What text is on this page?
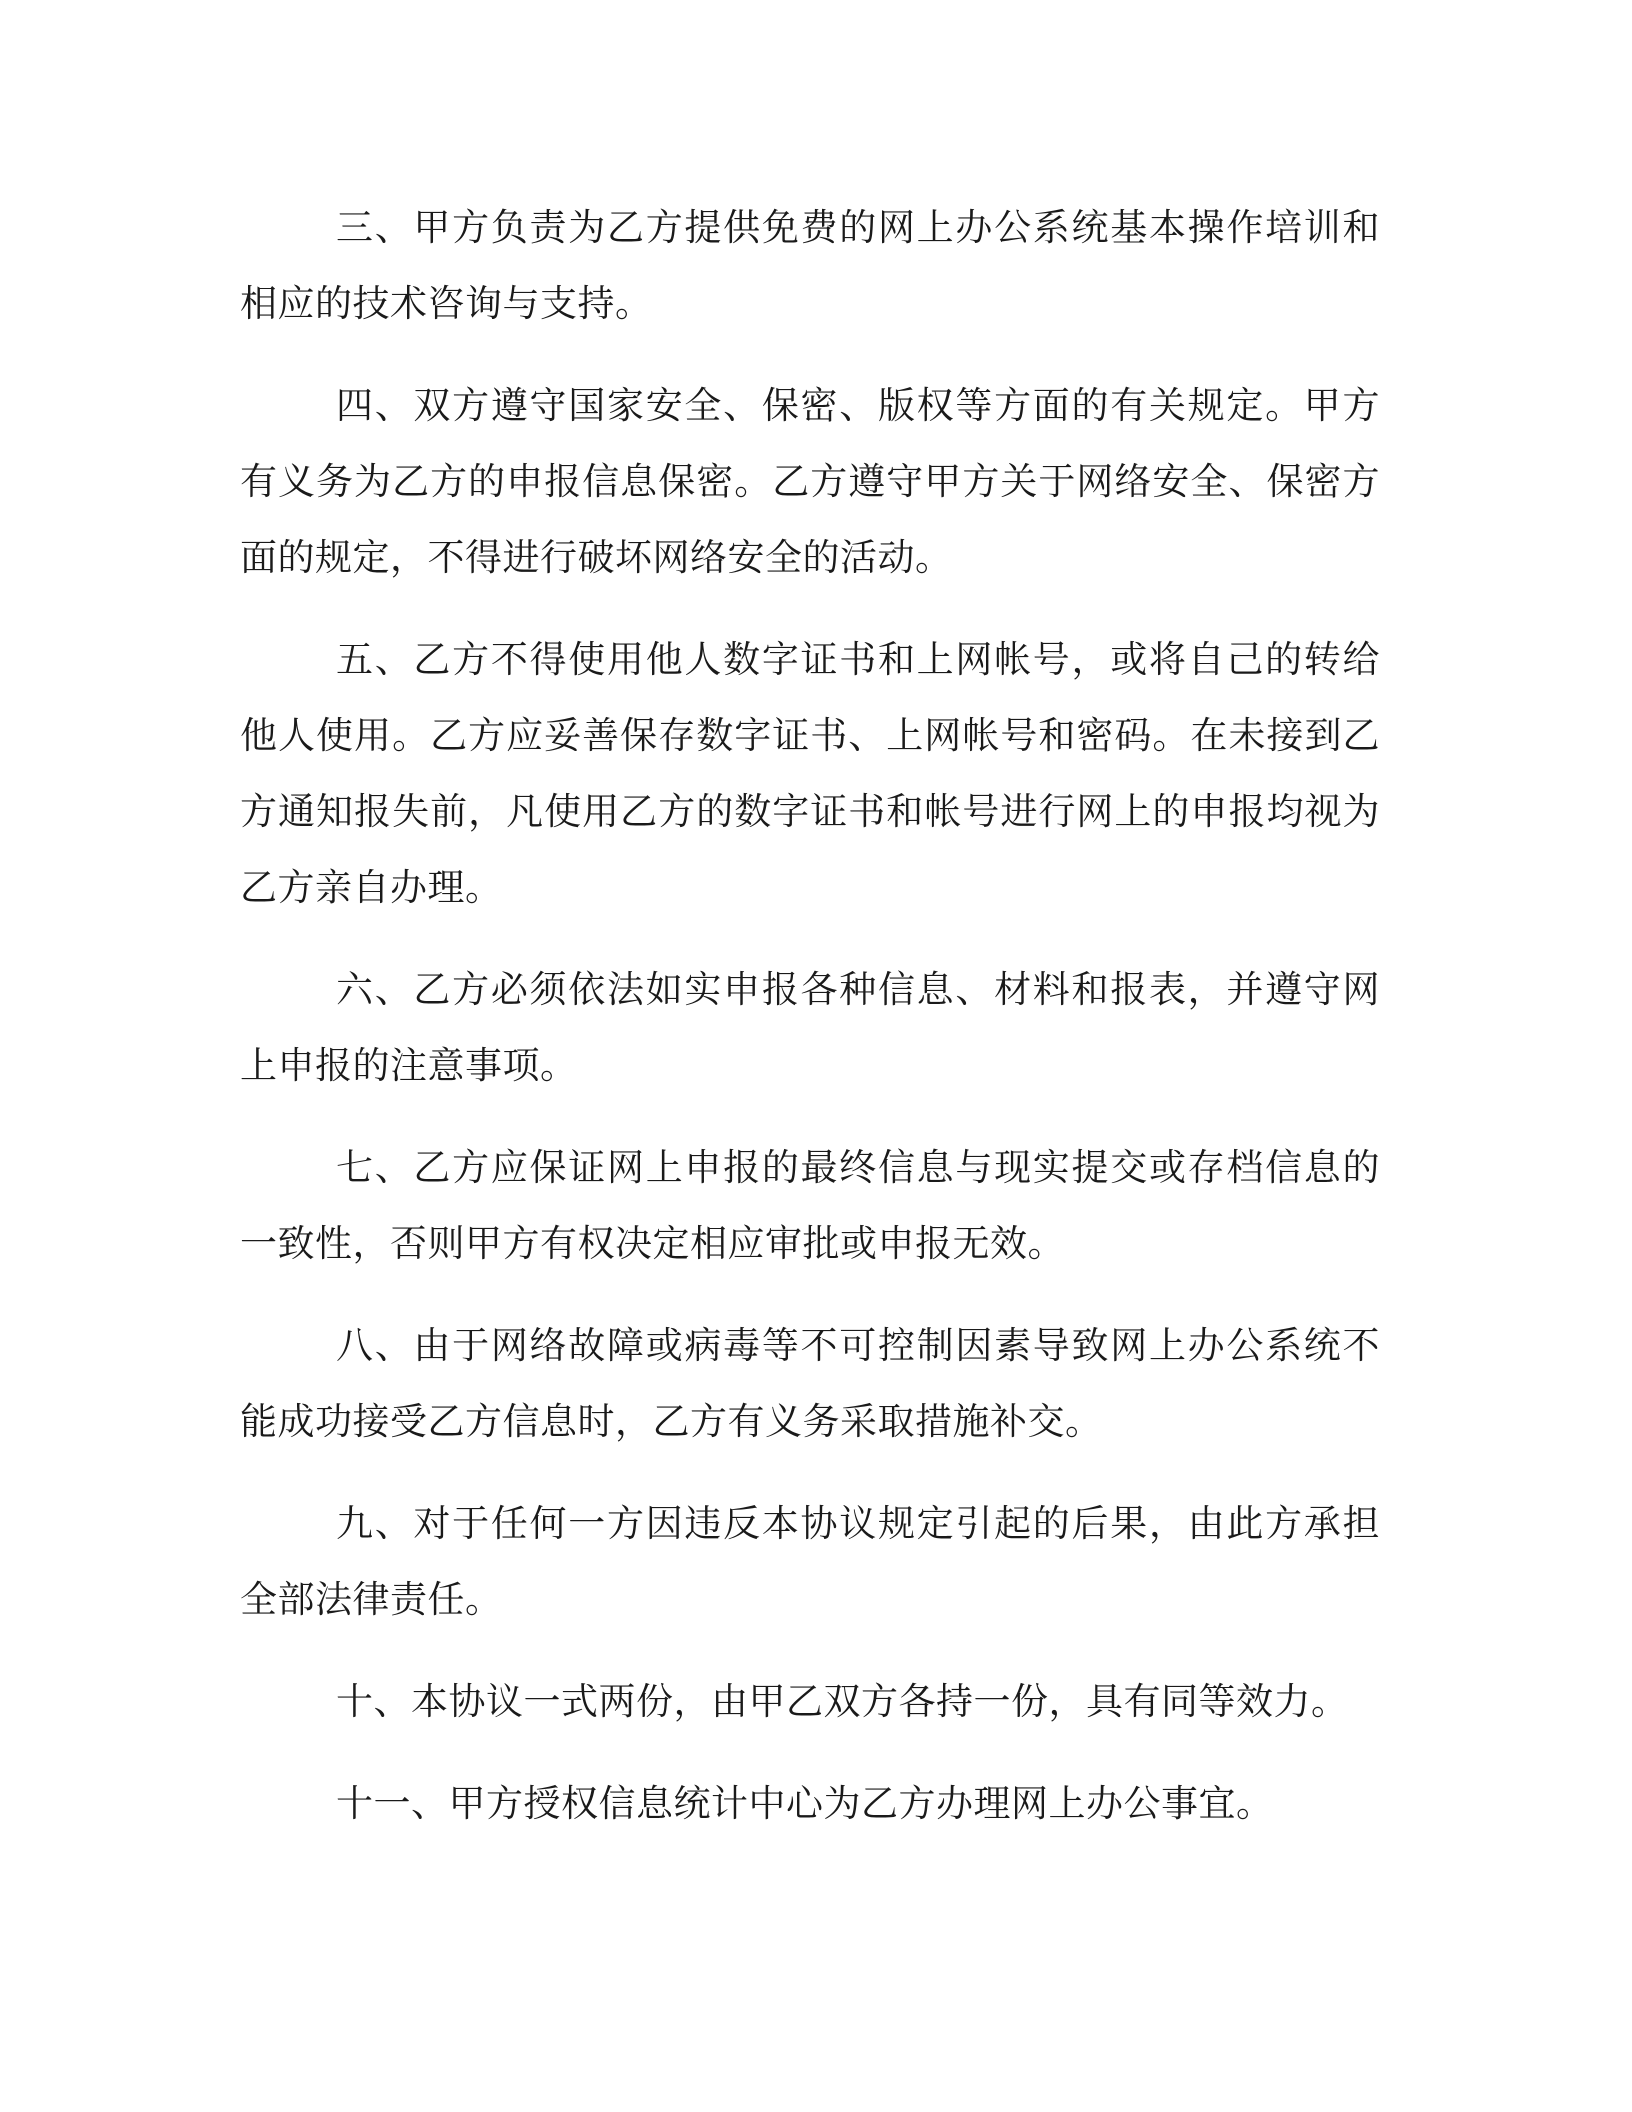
三、甲方负责为乙方提供免费的网上办公系统基本操作培训和相应的技术咨询与支持。

四、双方遵守国家安全、保密、版权等方面的有关规定。甲方有义务为乙方的申报信息保密。乙方遵守甲方关于网络安全、保密方面的规定，不得进行破坏网络安全的活动。

五、乙方不得使用他人数字证书和上网帐号，或将自己的转给他人使用。乙方应妥善保存数字证书、上网帐号和密码。在未接到乙方通知报失前，凡使用乙方的数字证书和帐号进行网上的申报均视为乙方亲自办理。

六、乙方必须依法如实申报各种信息、材料和报表，并遵守网上申报的注意事项。

七、乙方应保证网上申报的最终信息与现实提交或存档信息的一致性，否则甲方有权决定相应审批或申报无效。

八、由于网络故障或病毒等不可控制因素导致网上办公系统不能成功接受乙方信息时，乙方有义务采取措施补交。

九、对于任何一方因违反本协议规定引起的后果，由此方承担全部法律责任。

十、本协议一式两份，由甲乙双方各持一份，具有同等效力。

十一、甲方授权信息统计中心为乙方办理网上办公事宜。
